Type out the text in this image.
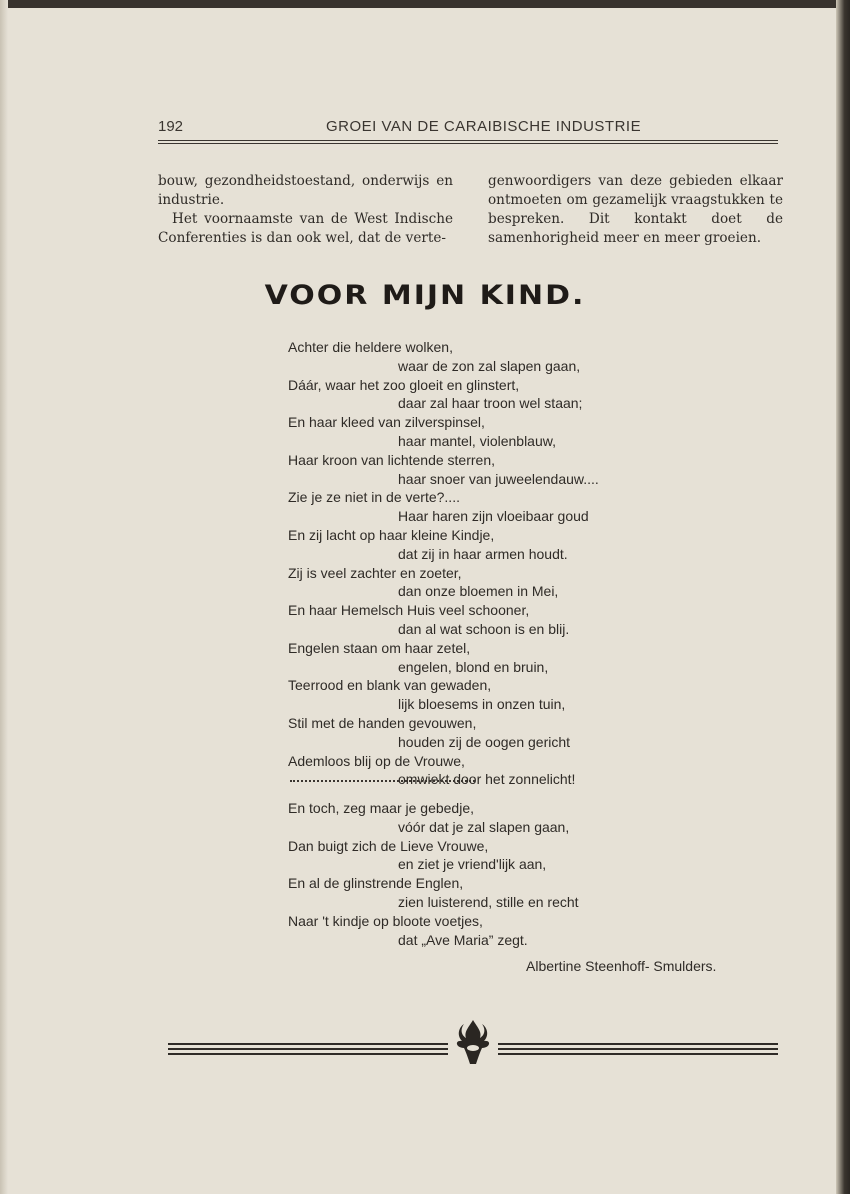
192	GROEI VAN DE CARAIBISCHE INDUSTRIE

bouw, gezondheidstoestand, onderwijs en industrie.

Het voornaamste van de West Indische Conferenties is dan ook wel, dat de verte-

genwoordigers van deze gebieden elkaar ontmoeten om gezamelijk vraagstukken te bespreken. Dit kontakt doet de samenhorigheid meer en meer groeien.

VOOR MIJN KIND.
Achter die heldere wolken,
waar de zon zal slapen gaan,
Dáár, waar het zoo gloeit en glinstert,
daar zal haar troon wel staan;
En haar kleed van zilverspinsel,
haar mantel, violenblauw,
Haar kroon van lichtende sterren,
haar snoer van juweelendauw....
Zie je ze niet in de verte?....
Haar haren zijn vloeibaar goud
En zij lacht op haar kleine Kindje,
dat zij in haar armen houdt.
Zij is veel zachter en zoeter,
dan onze bloemen in Mei,
En haar Hemelsch Huis veel schooner,
dan al wat schoon is en blij.
Engelen staan om haar zetel,
engelen, blond en bruin,
Teerrood en blank van gewaden,
lijk bloesems in onzen tuin,
Stil met de handen gevouwen,
houden zij de oogen gericht
Ademloos blij op de Vrouwe,
omwiekt door het zonnelicht!
En toch, zeg maar je gebedje,
vóór dat je zal slapen gaan,
Dan buigt zich de Lieve Vrouwe,
en ziet je vriend'lijk aan,
En al de glinstrende Englen,
zien luisterend, stille en recht
Naar 't kindje op bloote voetjes,
dat „Ave Maria” zegt.
Albertine Steenhoff- Smulders.
